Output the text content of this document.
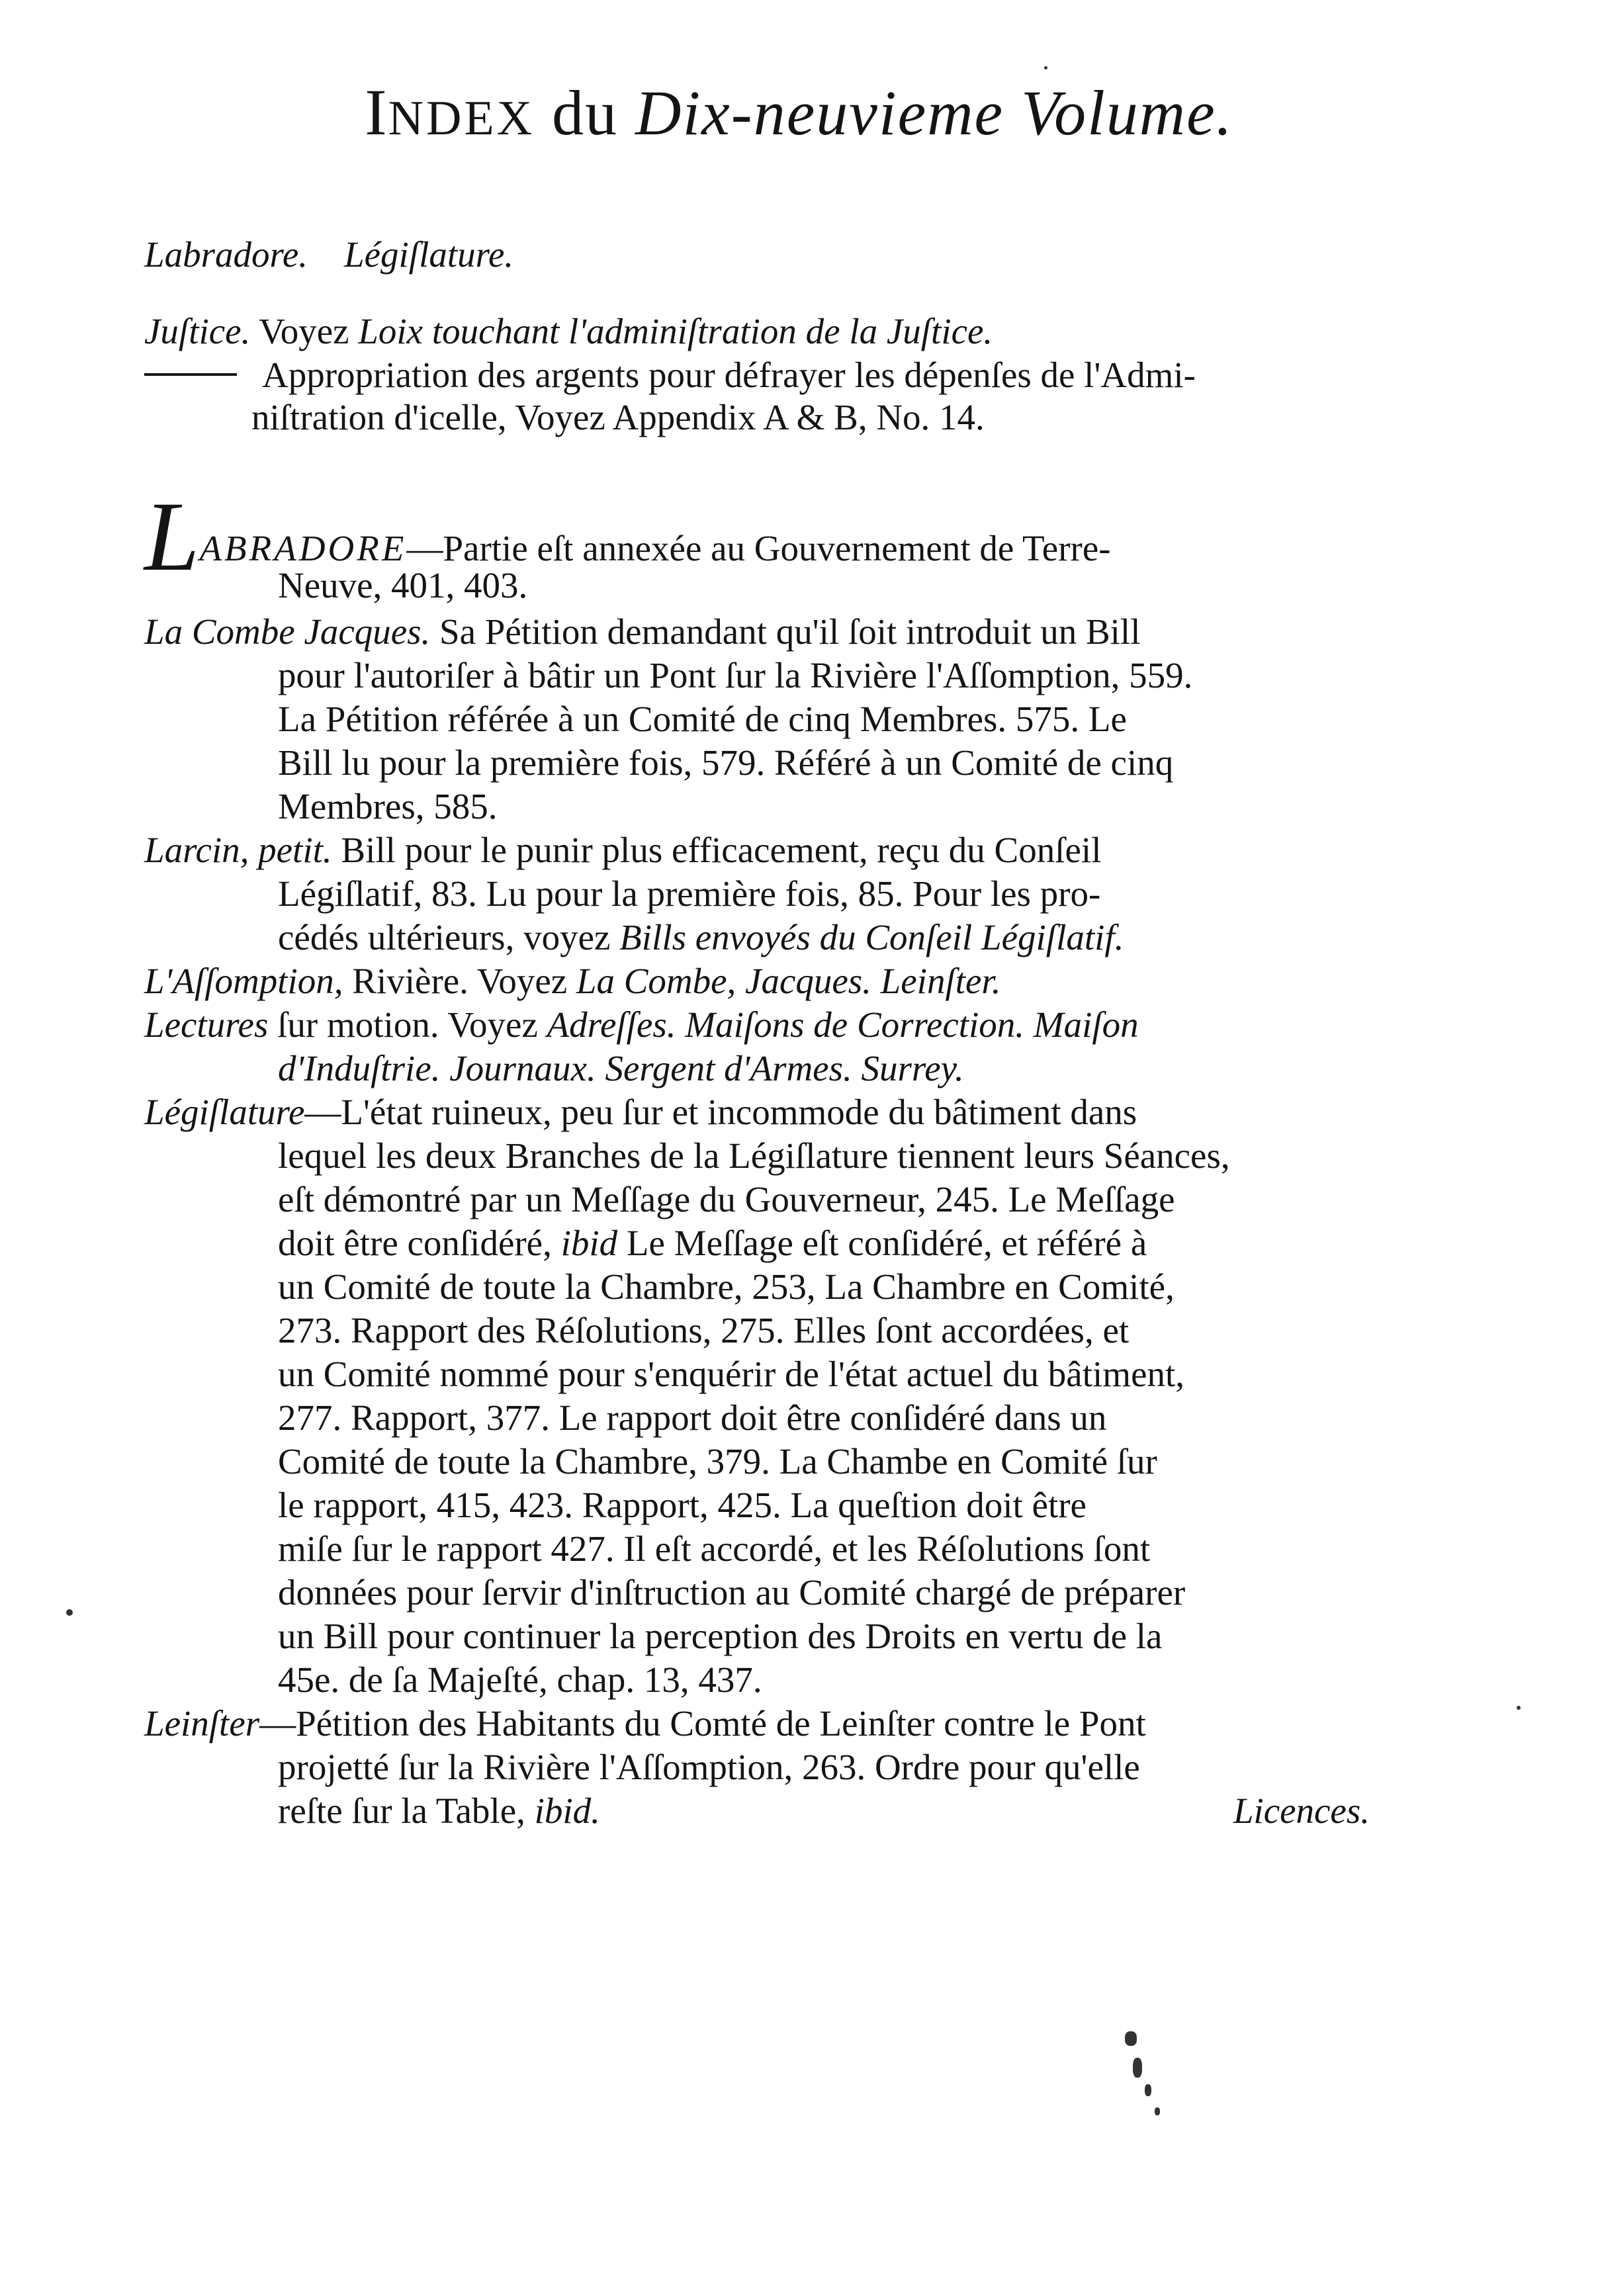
INDEX du Dix-neuvieme Volume.
Labradore. Légiſlature.
Juſtice. Voyez Loix touchant l'adminiſtration de la Juſtice.
Appropriation des argents pour défrayer les dépenſes de l'Admi-
niſtration d'icelle, Voyez Appendix A & B, No. 14.
LABRADORE—Partie eſt annexée au Gouvernement de Terre-
Neuve, 401, 403.
La Combe Jacques. Sa Pétition demandant qu'il ſoit introduit un Bill
pour l'autoriſer à bâtir un Pont ſur la Rivière l'Aſſomption, 559.
La Pétition référée à un Comité de cinq Membres. 575. Le
Bill lu pour la première fois, 579. Référé à un Comité de cinq
Membres, 585.
Larcin, petit. Bill pour le punir plus efficacement, reçu du Conſeil
Légiſlatif, 83. Lu pour la première fois, 85. Pour les pro-
cédés ultérieurs, voyez Bills envoyés du Conſeil Légiſlatif.
L'Aſſomption, Rivière. Voyez La Combe, Jacques. Leinſter.
Lectures ſur motion. Voyez Adreſſes. Maiſons de Correction. Maiſon
d'Induſtrie. Journaux. Sergent d'Armes. Surrey.
Légiſlature—L'état ruineux, peu ſur et incommode du bâtiment dans
lequel les deux Branches de la Légiſlature tiennent leurs Séances,
eſt démontré par un Meſſage du Gouverneur, 245. Le Meſſage
doit être conſidéré, ibid Le Meſſage eſt conſidéré, et référé à
un Comité de toute la Chambre, 253, La Chambre en Comité,
273. Rapport des Réſolutions, 275. Elles ſont accordées, et
un Comité nommé pour s'enquérir de l'état actuel du bâtiment,
277. Rapport, 377. Le rapport doit être conſidéré dans un
Comité de toute la Chambre, 379. La Chambe en Comité ſur
le rapport, 415, 423. Rapport, 425. La queſtion doit être
miſe ſur le rapport 427. Il eſt accordé, et les Réſolutions ſont
données pour ſervir d'inſtruction au Comité chargé de préparer
un Bill pour continuer la perception des Droits en vertu de la
45e. de ſa Majeſté, chap. 13, 437.
Leinſter—Pétition des Habitants du Comté de Leinſter contre le Pont
projetté ſur la Rivière l'Aſſomption, 263. Ordre pour qu'elle
reſte ſur la Table, ibid.	Licences.
